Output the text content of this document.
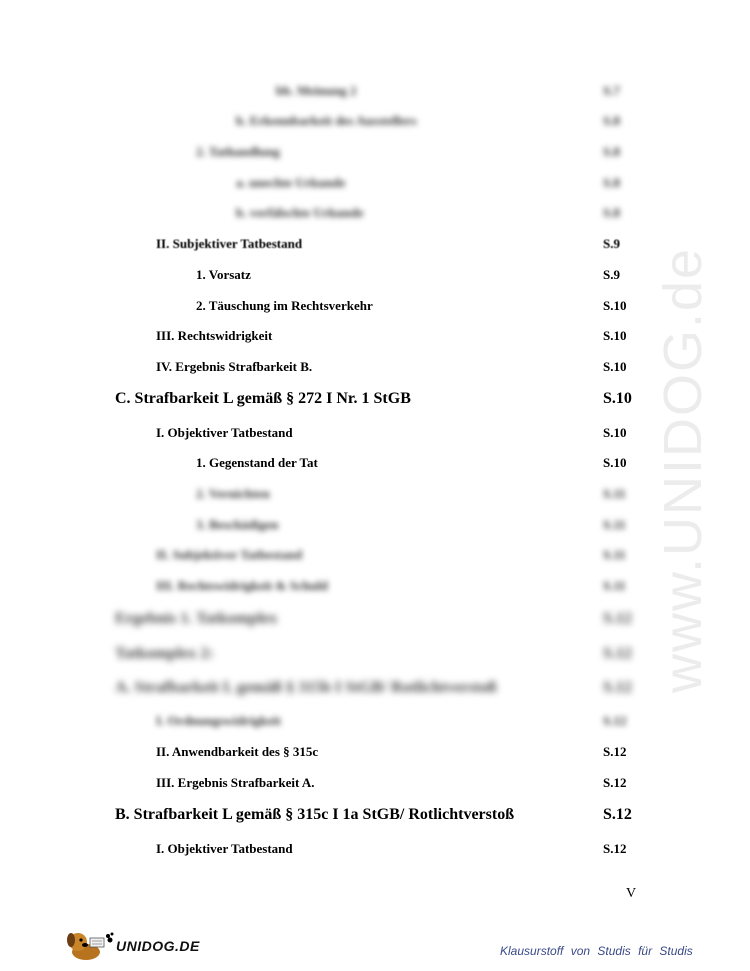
www.UNIDOG.de
bb. Meinung 2	S.7
b. Erkennbarkeit des Ausstellers	S.8
2. Tathandlung	S.8
a. unechte Urkunde	S.8
b. verfälschte Urkunde	S.8
II. Subjektiver Tatbestand	S.9
1. Vorsatz	S.9
2. Täuschung im Rechtsverkehr	S.10
III. Rechtswidrigkeit	S.10
IV. Ergebnis Strafbarkeit B.	S.10
C. Strafbarkeit L gemäß § 272 I Nr. 1 StGB	S.10
I. Objektiver Tatbestand	S.10
1. Gegenstand der Tat	S.10
2. Vernichten	S.11
3. Beschädigen	S.11
II. Subjektiver Tatbestand	S.11
III. Rechtswidrigkeit & Schuld	S.11
Ergebnis 1. Tatkomplex	S.12
Tatkomplex 2:	S.12
A. Strafbarkeit L gemäß § 315b I StGB/ Rotlichtverstoß	S.12
I. Ordnungswidrigkeit	S.12
II. Anwendbarkeit des § 315c	S.12
III. Ergebnis Strafbarkeit A.	S.12
B. Strafbarkeit L gemäß § 315c I 1a StGB/ Rotlichtverstoß	S.12
I. Objektiver Tatbestand	S.12
V
UNIDOG.DE	Klausurstoff von Studis für Studis
